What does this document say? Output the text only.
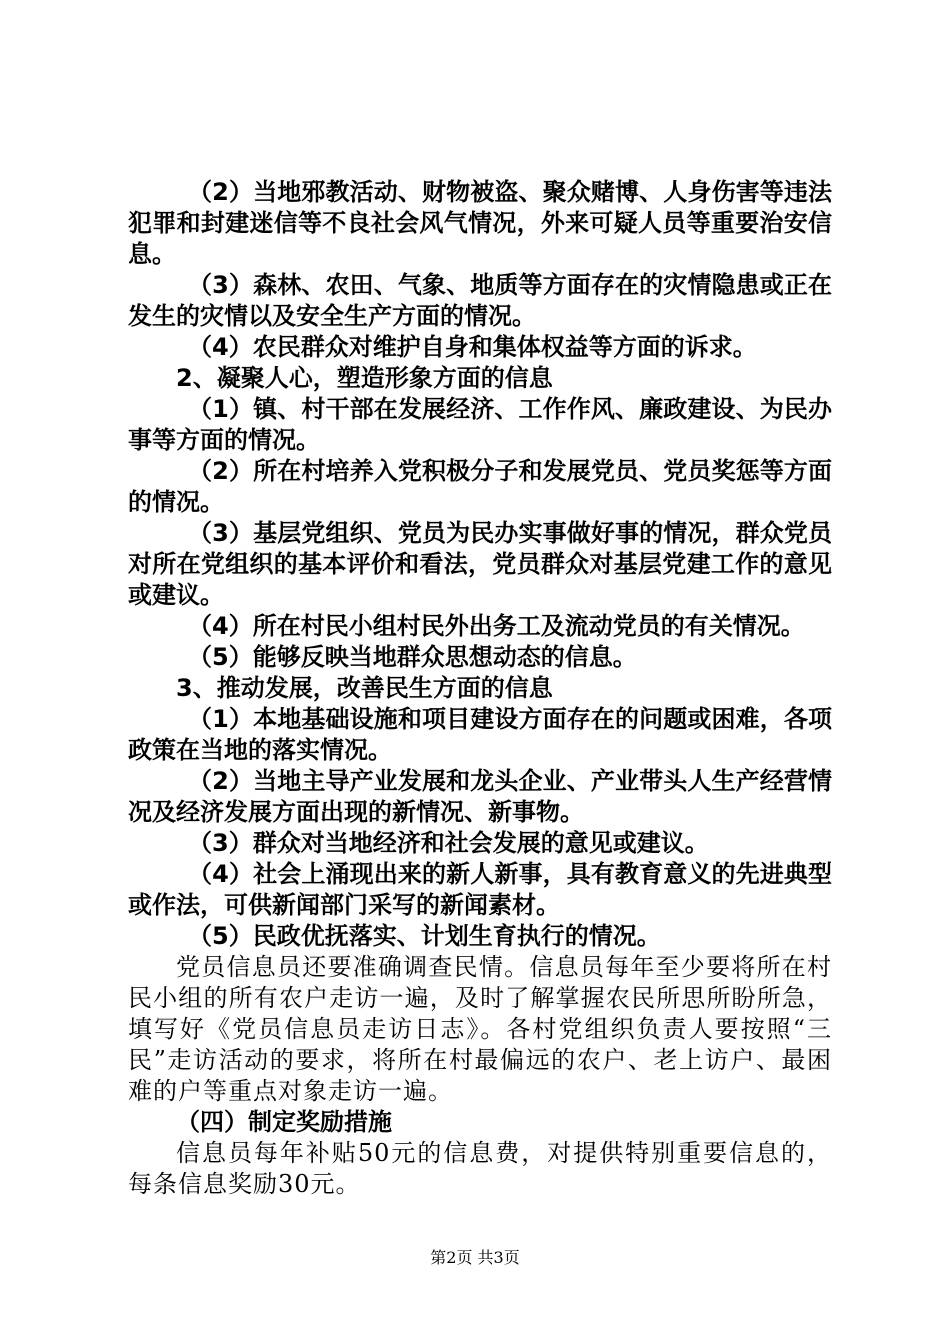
（2）当地邪教活动、财物被盗、聚众赌博、人身伤害等违法犯罪和封建迷信等不良社会风气情况，外来可疑人员等重要治安信息。

（3）森林、农田、气象、地质等方面存在的灾情隐患或正在发生的灾情以及安全生产方面的情况。

（4）农民群众对维护自身和集体权益等方面的诉求。

2、凝聚人心，塑造形象方面的信息

（1）镇、村干部在发展经济、工作作风、廉政建设、为民办事等方面的情况。

（2）所在村培养入党积极分子和发展党员、党员奖惩等方面的情况。

（3）基层党组织、党员为民办实事做好事的情况，群众党员对所在党组织的基本评价和看法，党员群众对基层党建工作的意见或建议。

（4）所在村民小组村民外出务工及流动党员的有关情况。

（5）能够反映当地群众思想动态的信息。

3、推动发展，改善民生方面的信息

（1）本地基础设施和项目建设方面存在的问题或困难，各项政策在当地的落实情况。

（2）当地主导产业发展和龙头企业、产业带头人生产经营情况及经济发展方面出现的新情况、新事物。

（3）群众对当地经济和社会发展的意见或建议。

（4）社会上涌现出来的新人新事，具有教育意义的先进典型或作法，可供新闻部门采写的新闻素材。

（5）民政优抚落实、计划生育执行的情况。

党员信息员还要准确调查民情。信息员每年至少要将所在村民小组的所有农户走访一遍，及时了解掌握农民所思所盼所急，填写好《党员信息员走访日志》。各村党组织负责人要按照“三民”走访活动的要求，将所在村最偏远的农户、老上访户、最困难的户等重点对象走访一遍。

（四）制定奖励措施

信息员每年补贴50元的信息费，对提供特别重要信息的，每条信息奖励30元。

第2页 共3页
